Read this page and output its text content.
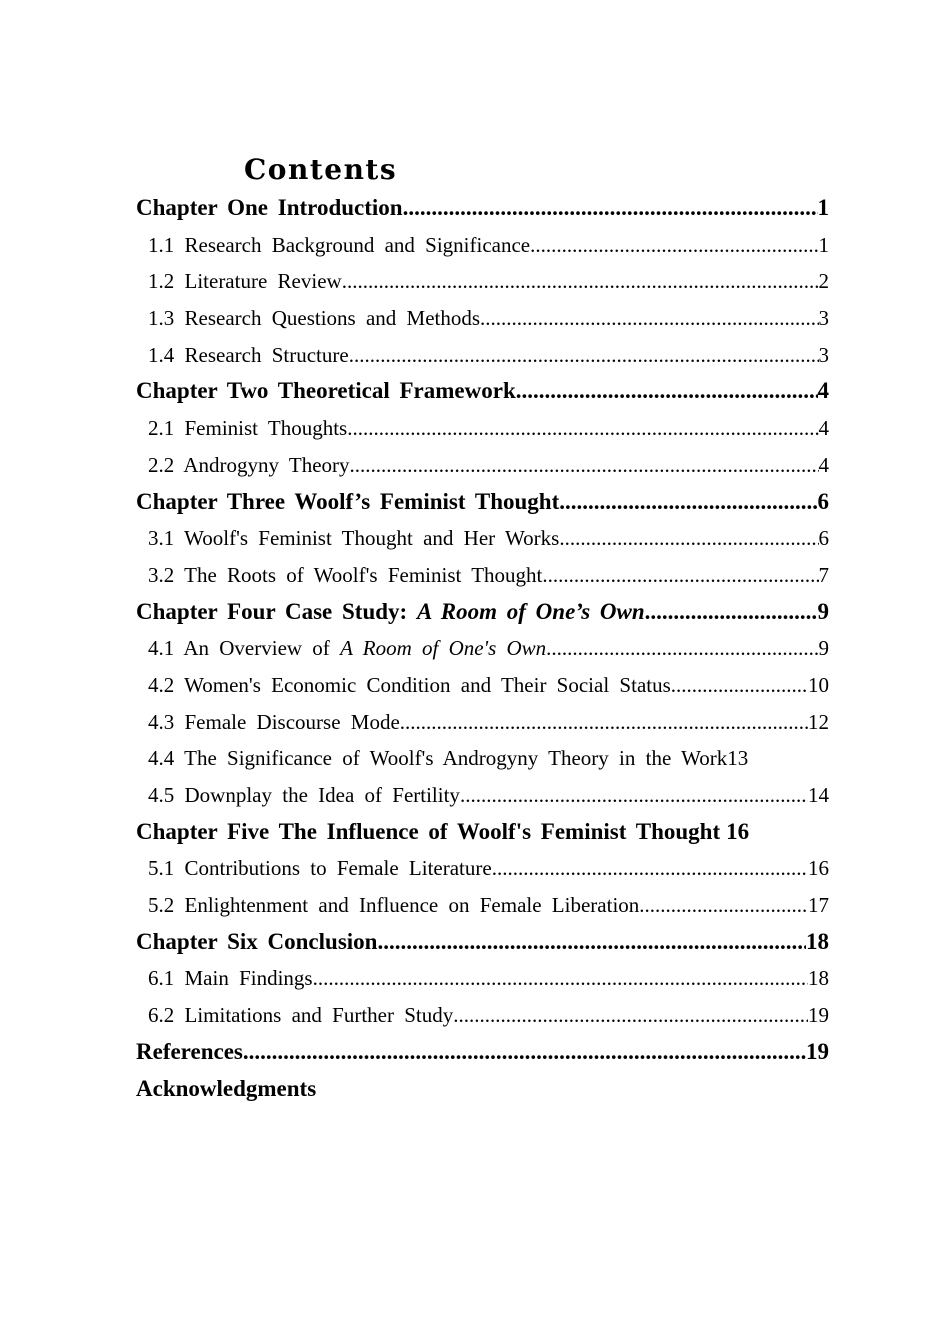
Contents
Chapter One Introduction .....	1
1.1 Research Background and Significance .....	1
1.2 Literature Review .....	2
1.3 Research Questions and Methods .....	3
1.4 Research Structure .....	3
Chapter Two Theoretical Framework .....	4
2.1 Feminist Thoughts .....	4
2.2 Androgyny Theory .....	4
Chapter Three Woolf’s Feminist Thought .....	6
3.1 Woolf's Feminist Thought and Her Works .....	6
3.2 The Roots of Woolf's Feminist Thought .....	7
Chapter Four Case Study: A Room of One’s Own .....	9
4.1 An Overview of A Room of One's Own .....	9
4.2 Women's Economic Condition and Their Social Status .....	10
4.3 Female Discourse Mode .....	12
4.4 The Significance of Woolf's Androgyny Theory in the Work 13
4.5 Downplay the Idea of Fertility .....	14
Chapter Five The Influence of Woolf's Feminist Thought 16
5.1 Contributions to Female Literature .....	16
5.2 Enlightenment and Influence on Female Liberation .....	17
Chapter Six Conclusion .....	18
6.1 Main Findings .....	18
6.2 Limitations and Further Study .....	19
References .....	19
Acknowledgments
